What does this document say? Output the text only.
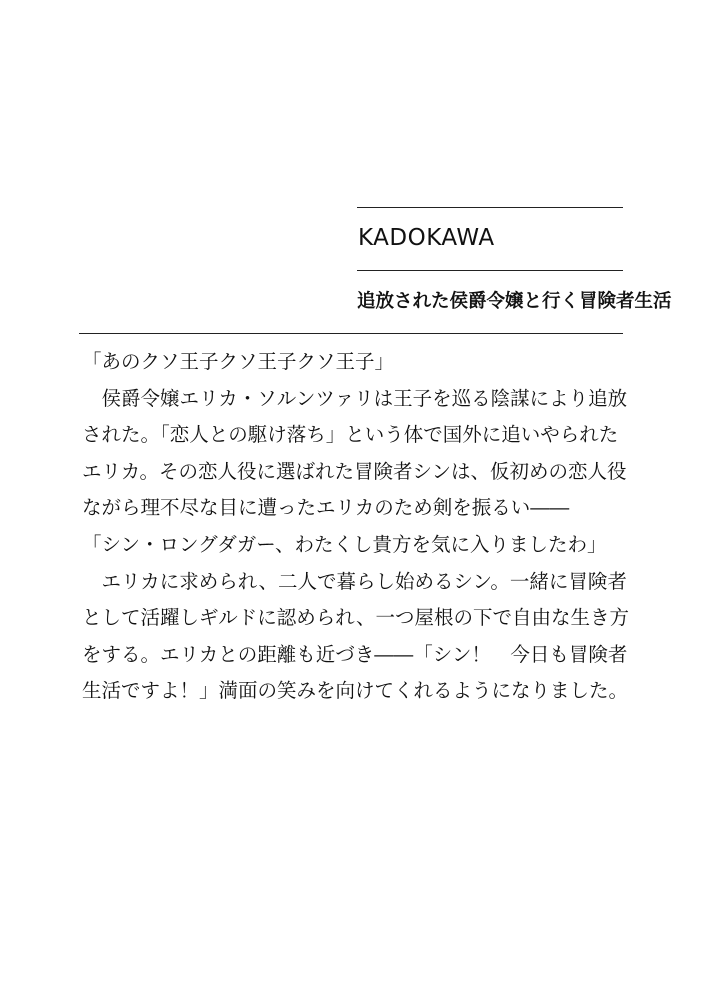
KADOKAWA
追放された侯爵令嬢と行く冒険者生活
「あのクソ王子クソ王子クソ王子」
　侯爵令嬢エリカ・ソルンツァリは王子を巡る陰謀により追放
された。「恋人との駆け落ち」という体で国外に追いやられた
エリカ。その恋人役に選ばれた冒険者シンは、仮初めの恋人役
ながら理不尽な目に遭ったエリカのため剣を振るい――
「シン・ロングダガー、わたくし貴方を気に入りましたわ」
　エリカに求められ、二人で暮らし始めるシン。一緒に冒険者
として活躍しギルドに認められ、一つ屋根の下で自由な生き方
をする。エリカとの距離も近づき――「シン！　今日も冒険者
生活ですよ！」満面の笑みを向けてくれるようになりました。
